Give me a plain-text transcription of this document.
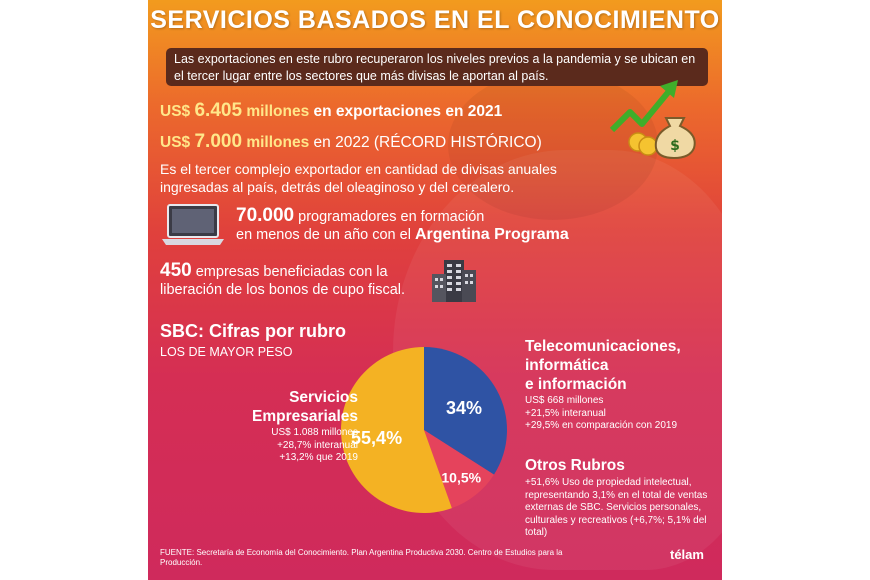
SERVICIOS BASADOS EN EL CONOCIMIENTO
Las exportaciones en este rubro recuperaron los niveles previos a la pandemia y se ubican en el tercer lugar entre los sectores que más divisas le aportan al país.
US$ 6.405 millones en exportaciones en 2021
US$ 7.000 millones en 2022 (RÉCORD HISTÓRICO)	$
Es el tercer complejo exportador en cantidad de divisas anuales ingresadas al país, detrás del oleaginoso y del cerealero.
70.000 programadores en formación
en menos de un año con el Argentina Programa
450 empresas beneficiadas con la liberación de los bonos de cupo fiscal.
SBC: Cifras por rubro
LOS DE MAYOR PESO
34%
10,5%
55,4%
Servicios
Empresariales
US$ 1.088 millones
+28,7% interanual
+13,2% que 2019
Telecomunicaciones,
informática
e información
US$ 668 millones
+21,5% interanual
+29,5% en comparación con 2019
Otros Rubros
+51,6% Uso de propiedad intelectual, representando 3,1% en el total de ventas externas de SBC. Servicios personales, culturales y recreativos (+6,7%; 5,1% del total)
FUENTE: Secretaría de Economía del Conocimiento. Plan Argentina Productiva 2030. Centro de Estudios para la Producción.
télam
